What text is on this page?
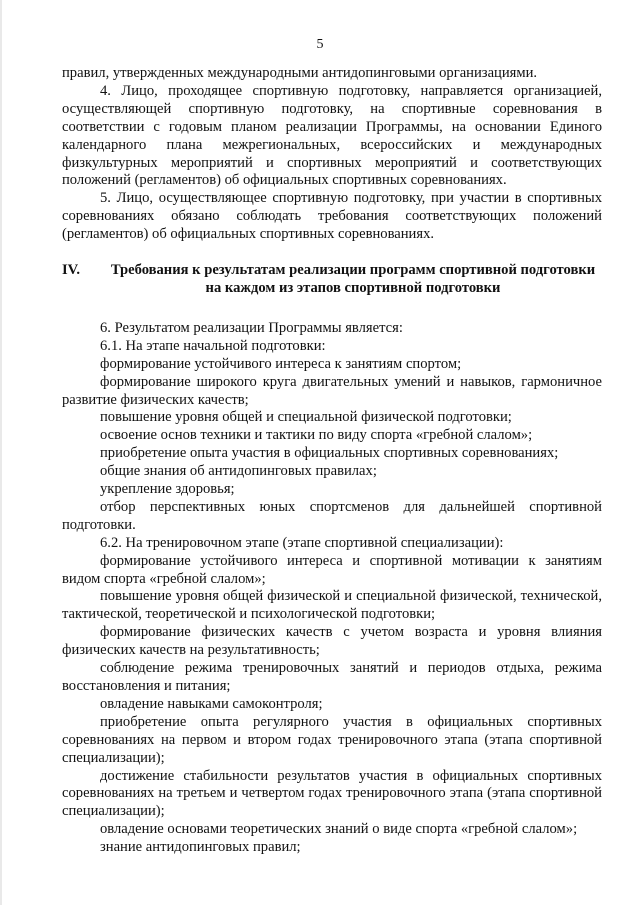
5

правил, утвержденных международными антидопинговыми организациями.

4. Лицо, проходящее спортивную подготовку, направляется организацией, осуществляющей спортивную подготовку, на спортивные соревнования в соответствии с годовым планом реализации Программы, на основании Единого календарного плана межрегиональных, всероссийских и международных физкультурных мероприятий и спортивных мероприятий и соответствующих положений (регламентов) об официальных спортивных соревнованиях.

5. Лицо, осуществляющее спортивную подготовку, при участии в спортивных соревнованиях обязано соблюдать требования соответствующих положений (регламентов) об официальных спортивных соревнованиях.

IV.	Требования к результатам реализации программ спортивной подготовки на каждом из этапов спортивной подготовки

6. Результатом реализации Программы является:

6.1. На этапе начальной подготовки:

формирование устойчивого интереса к занятиям спортом;

формирование широкого круга двигательных умений и навыков, гармоничное развитие физических качеств;

повышение уровня общей и специальной физической подготовки;

освоение основ техники и тактики по виду спорта «гребной слалом»;

приобретение опыта участия в официальных спортивных соревнованиях;

общие знания об антидопинговых правилах;

укрепление здоровья;

отбор перспективных юных спортсменов для дальнейшей спортивной подготовки.

6.2. На тренировочном этапе (этапе спортивной специализации):

формирование устойчивого интереса и спортивной мотивации к занятиям видом спорта «гребной слалом»;

повышение уровня общей физической и специальной физической, технической, тактической, теоретической и психологической подготовки;

формирование физических качеств с учетом возраста и уровня влияния физических качеств на результативность;

соблюдение режима тренировочных занятий и периодов отдыха, режима восстановления и питания;

овладение навыками самоконтроля;

приобретение опыта регулярного участия в официальных спортивных соревнованиях на первом и втором годах тренировочного этапа (этапа спортивной специализации);

достижение стабильности результатов участия в официальных спортивных соревнованиях на третьем и четвертом годах тренировочного этапа (этапа спортивной специализации);

овладение основами теоретических знаний о виде спорта «гребной слалом»;

знание антидопинговых правил;
